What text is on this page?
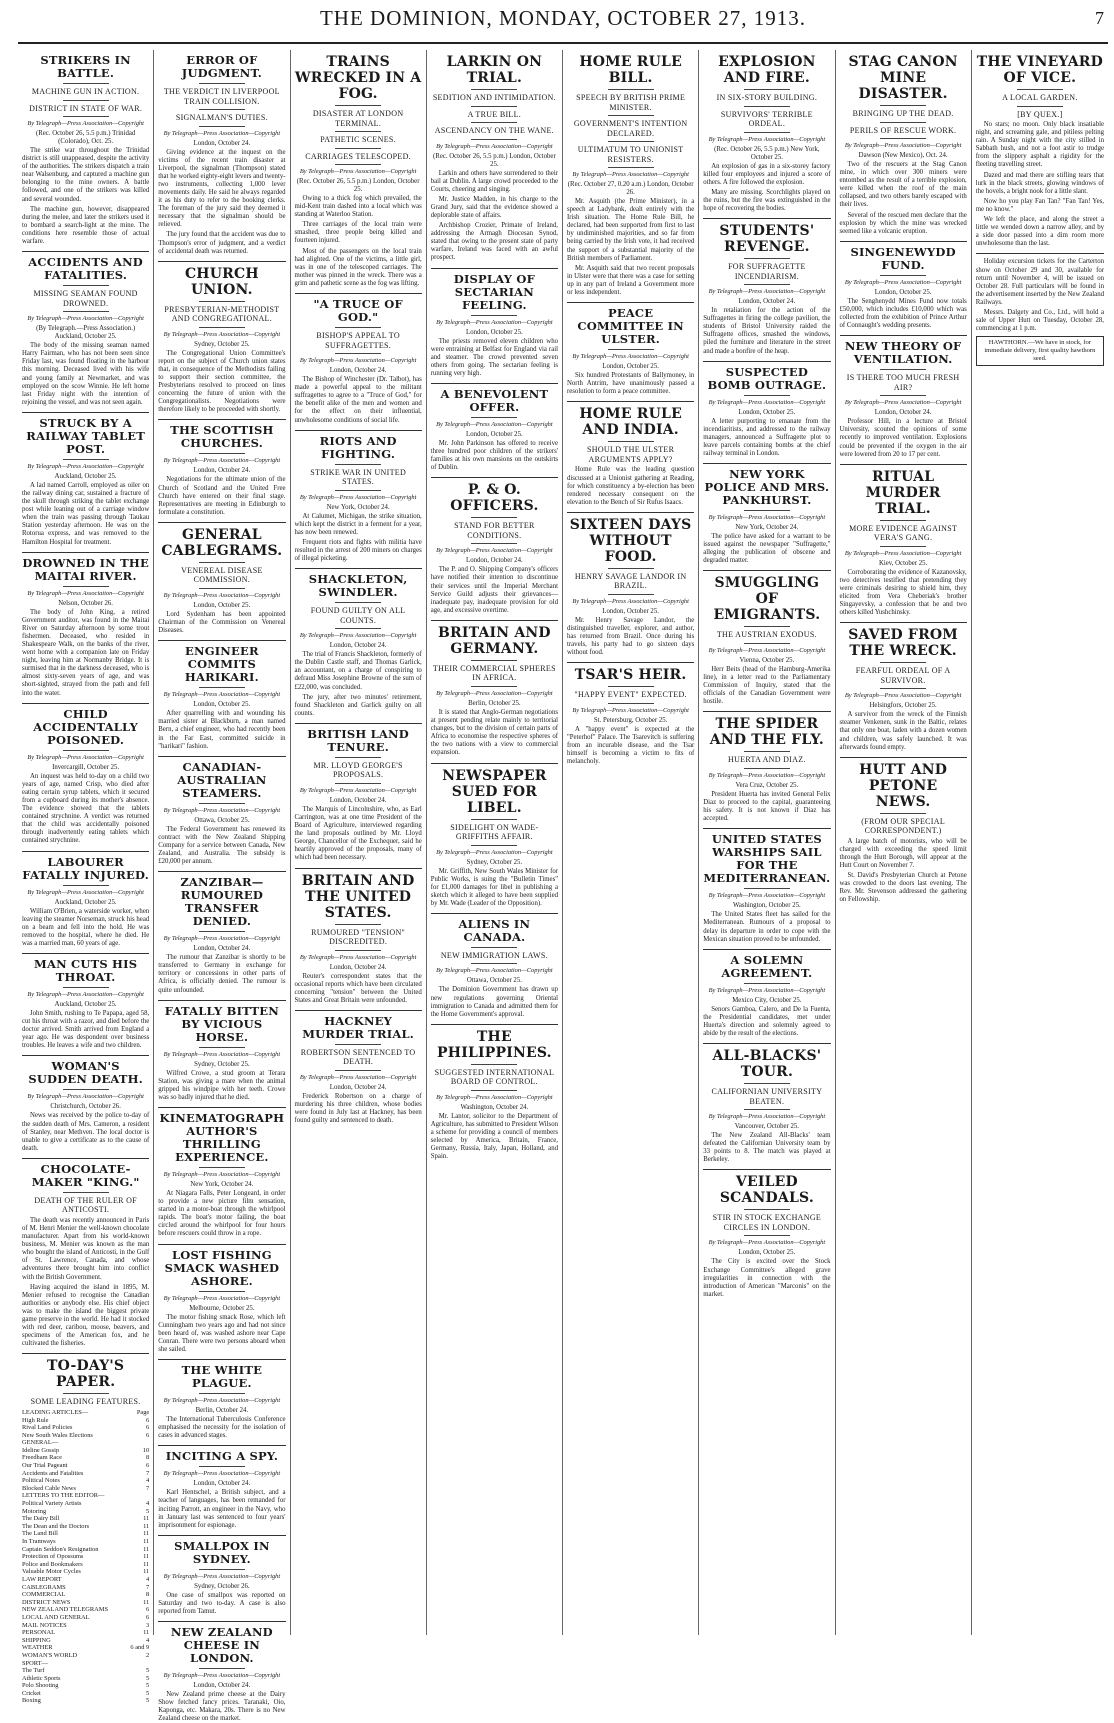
THE DOMINION, MONDAY, OCTOBER 27, 1913.	7
STRIKERS IN BATTLE.
MACHINE GUN IN ACTION.
DISTRICT IN STATE OF WAR.
By Telegraph—Press Association—Copyright
(Rec. October 26, 5.5 p.m.) Trinidad (Colorado), Oct. 25.

The strike war throughout the Trinidad district is still unappeased, despite the activity of the authorities. The strikers dispatch a train near Walsenburg, and captured a machine gun belonging to the mine owners. A battle followed, and one of the strikers was killed and several wounded.

The machine gun, however, disappeared during the melee, and later the strikers used it to bombard a search-light at the mine. The conditions here resemble those of actual warfare.

ACCIDENTS AND FATALITIES.
MISSING SEAMAN FOUND DROWNED.
By Telegraph—Press Association—Copyright
(By Telegraph.—Press Association.) Auckland, October 25.

The body of the missing seaman named Harry Fairman, who has not been seen since Friday last, was found floating in the harbour this morning. Deceased lived with his wife and young family at Newmarket, and was employed on the scow Winnie. He left home last Friday night with the intention of rejoining the vessel, and was not seen again.

STRUCK BY A RAILWAY TABLET POST.
By Telegraph—Press Association—Copyright
Auckland, October 25.

A lad named Carroll, employed as oiler on the railway dining car, sustained a fracture of the skull through striking the tablet exchange post while leaning out of a carriage window when the train was passing through Taukau Station yesterday afternoon. He was on the Rotorua express, and was removed to the Hamilton Hospital for treatment.

DROWNED IN THE MAITAI RIVER.
By Telegraph—Press Association—Copyright
Nelson, October 26.

The body of John King, a retired Government auditor, was found in the Maitai River on Saturday afternoon by some trout fishermen. Deceased, who resided in Shakespeare Walk, on the banks of the river, went home with a companion late on Friday night, leaving him at Normanby Bridge. It is surmised that in the darkness deceased, who is almost sixty-seven years of age, and was short-sighted, strayed from the path and fell into the water.

CHILD ACCIDENTALLY POISONED.
By Telegraph—Press Association—Copyright
Invercargill, October 25.

An inquest was held to-day on a child two years of age, named Crisp, who died after eating certain syrup tablets, which it secured from a cupboard during its mother's absence. The evidence showed that the tablets contained strychnine. A verdict was returned that the child was accidentally poisoned through inadvertently eating tablets which contained strychnine.

LABOURER FATALLY INJURED.
By Telegraph—Press Association—Copyright
Auckland, October 25.

William O'Brien, a waterside worker, when leaving the steamer Norseman, struck his head on a beam and fell into the hold. He was removed to the hospital, where he died. He was a married man, 60 years of age.

MAN CUTS HIS THROAT.
By Telegraph—Press Association—Copyright
Auckland, October 25.

John Smith, rushing to Te Papapa, aged 58, cut his throat with a razor, and died before the doctor arrived. Smith arrived from England a year ago. He was despondent over business troubles. He leaves a wife and two children.

WOMAN'S SUDDEN DEATH.
By Telegraph—Press Association—Copyright
Christchurch, October 26.

News was received by the police to-day of the sudden death of Mrs. Cameron, a resident of Stanley, near Methven. The local doctor is unable to give a certificate as to the cause of death.

CHOCOLATE-MAKER "KING."
DEATH OF THE RULER OF ANTICOSTI.

The death was recently announced in Paris of M. Henri Menier the well-known chocolate manufacturer. Apart from his world-known business, M. Menier was known as the man who bought the island of Anticosti, in the Gulf of St. Lawrence, Canada, and whose adventures there brought him into conflict with the British Government.

Having acquired the island in 1895, M. Menier refused to recognise the Canadian authorities or anybody else. His chief object was to make the island the biggest private game preserve in the world. He had it stocked with red deer, caribou, moose, beavers, and specimens of the American fox, and he cultivated the fisheries.

TO-DAY'S PAPER.
SOME LEADING FEATURES.
LEADING ARTICLES—	Page
High Rule	6
Rival Land Policies	6
New South Wales Elections	6
GENERAL—
Ideline Gossip	10
Freedham Race	8
Our Trial Pageant	6
Accidents and Fatalities	7
Political Notes	4
Blocked Cable News	7
LETTERS TO THE EDITOR—
Political Variety Artists	4
Motoring	5
The Dairy Bill	11
The Dean and the Doctors	11
The Land Bill	11
In Tramways	11
Captain Seddon's Resignation	11
Protection of Opossums	11
Police and Bookmakers	11
Valuable Motor Cycles	11
LAW REPORT	4
CABLEGRAMS	7
COMMERCIAL	8
DISTRICT NEWS	11
NEW ZEALAND TELEGRAMS	6
LOCAL AND GENERAL	6
MAIL NOTICES	3
PERSONAL	11
SHIPPING	4
WEATHER	6 and 9
WOMAN'S WORLD	2
SPORT—
The Turf	5
Athletic Sports	5
Polo Shooting	5
Cricket	5
Boxing	5
ERROR OF JUDGMENT.
THE VERDICT IN LIVERPOOL TRAIN COLLISION.
SIGNALMAN'S DUTIES.
By Telegraph—Press Association—Copyright
London, October 24.

Giving evidence at the inquest on the victims of the recent train disaster at Liverpool, the signalman (Thompson) stated that he worked eighty-eight levers and twenty-two instruments, collecting 1,000 lever movements daily. He said he always regarded it as his duty to refer to the booking clerks. The foreman of the jury said they deemed it necessary that the signalman should be relieved.

The jury found that the accident was due to Thompson's error of judgment, and a verdict of accidental death was returned.

CHURCH UNION.
PRESBYTERIAN-METHODIST AND CONGREGATIONAL.
By Telegraph—Press Association—Copyright
Sydney, October 25.

The Congregational Union Committee's report on the subject of Church union states that, in consequence of the Methodists failing to support their section committee, the Presbyterians resolved to proceed on lines concerning the future of union with the Congregationalists. Negotiations were therefore likely to be proceeded with shortly.

THE SCOTTISH CHURCHES.
By Telegraph—Press Association—Copyright
London, October 24.

Negotiations for the ultimate union of the Church of Scotland and the United Free Church have entered on their final stage. Representatives are meeting in Edinburgh to formulate a constitution.

GENERAL CABLEGRAMS.
VENEREAL DISEASE COMMISSION.
By Telegraph—Press Association—Copyright
London, October 25.

Lord Sydenham has been appointed Chairman of the Commission on Venereal Diseases.

ENGINEER COMMITS HARIKARI.
By Telegraph—Press Association—Copyright
London, October 25.

After quarrelling with and wounding his married sister at Blackburn, a man named Bern, a chief engineer, who had recently been in the Far East, committed suicide in "harikari" fashion.

CANADIAN-AUSTRALIAN STEAMERS.
By Telegraph—Press Association—Copyright
Ottawa, October 25.

The Federal Government has renewed its contract with the New Zealand Shipping Company for a service between Canada, New Zealand, and Australia. The subsidy is £20,000 per annum.

ZANZIBAR—RUMOURED TRANSFER DENIED.
By Telegraph—Press Association—Copyright
London, October 24.

The rumour that Zanzibar is shortly to be transferred to Germany in exchange for territory or concessions in other parts of Africa, is officially denied. The rumour is quite unfounded.

FATALLY BITTEN BY VICIOUS HORSE.
By Telegraph—Press Association—Copyright
Sydney, October 25.

Wilfred Crowe, a stud groom at Terara Station, was giving a mare when the animal gripped his windpipe with her teeth. Crowe was so badly injured that he died.

KINEMATOGRAPH AUTHOR'S THRILLING EXPERIENCE.
By Telegraph—Press Association—Copyright
New York, October 24.

At Niagara Falls, Peter Longeard, in order to provide a new picture film sensation, started in a motor-boat through the whirlpool rapids. The boat's motor failing, the boat circled around the whirlpool for four hours before rescuers could throw in a rope.

LOST FISHING SMACK WASHED ASHORE.
By Telegraph—Press Association—Copyright
Melbourne, October 25.

The motor fishing smack Rose, which left Cunningham two years ago and had not since been heard of, was washed ashore near Cape Conran. There were two persons aboard when she sailed.

THE WHITE PLAGUE.
By Telegraph—Press Association—Copyright
Berlin, October 24.

The International Tuberculosis Conference emphasised the necessity for the isolation of cases in advanced stages.

INCITING A SPY.
By Telegraph—Press Association—Copyright
London, October 24.

Karl Hentschel, a British subject, and a teacher of languages, has been remanded for inciting Parrott, an engineer in the Navy, who in January last was sentenced to four years' imprisonment for espionage.

SMALLPOX IN SYDNEY.
By Telegraph—Press Association—Copyright
Sydney, October 26.

One case of smallpox was reported on Saturday and two to-day. A case is also reported from Tamut.

NEW ZEALAND CHEESE IN LONDON.
By Telegraph—Press Association—Copyright
London, October 24.

New Zealand prime cheese at the Dairy Show fetched fancy prices. Taranaki, Oio, Kaponga, etc. Makara, 20s. There is no New Zealand cheese on the market.

TRAINS WRECKED IN A FOG.
DISASTER AT LONDON TERMINAL.
PATHETIC SCENES.
CARRIAGES TELESCOPED.
By Telegraph—Press Association—Copyright
(Rec. October 26, 5.5 p.m.) London, October 25.

Owing to a thick fog which prevailed, the mid-Kent train dashed into a local which was standing at Waterloo Station.

Three carriages of the local train were smashed, three people being killed and fourteen injured.

Most of the passengers on the local train had alighted. One of the victims, a little girl, was in one of the telescoped carriages. The mother was pinned in the wreck. There was a grim and pathetic scene as the fog was lifting.

"A TRUCE OF GOD."
BISHOP'S APPEAL TO SUFFRAGETTES.
By Telegraph—Press Association—Copyright
London, October 24.

The Bishop of Winchester (Dr. Talbot), has made a powerful appeal to the militant suffragettes to agree to a "Truce of God," for the benefit alike of the men and women and for the effect on their influential, unwholesome conditions of social life.

RIOTS AND FIGHTING.
STRIKE WAR IN UNITED STATES.
By Telegraph—Press Association—Copyright
New York, October 24.

At Calumet, Michigan, the strike situation, which kept the district in a ferment for a year, has now been renewed.

Frequent riots and fights with militia have resulted in the arrest of 200 miners on charges of illegal picketing.

SHACKLETON, SWINDLER.
FOUND GUILTY ON ALL COUNTS.
By Telegraph—Press Association—Copyright
London, October 24.

The trial of Francis Shackleton, formerly of the Dublin Castle staff, and Thomas Garlick, an accountant, on a charge of conspiring to defraud Miss Josephine Browne of the sum of £22,000, was concluded.

The jury, after two minutes' retirement, found Shackleton and Garlick guilty on all counts.

BRITISH LAND TENURE.
MR. LLOYD GEORGE'S PROPOSALS.
By Telegraph—Press Association—Copyright
London, October 24.

The Marquis of Lincolnshire, who, as Earl Carrington, was at one time President of the Board of Agriculture, interviewed regarding the land proposals outlined by Mr. Lloyd George, Chancellor of the Exchequer, said he heartily approved of the proposals, many of which had been necessary.

BRITAIN AND THE UNITED STATES.
RUMOURED "TENSION" DISCREDITED.
By Telegraph—Press Association—Copyright
London, October 24.

Reuter's correspondent states that the occasional reports which have been circulated concerning "tension" between the United States and Great Britain were unfounded.

HACKNEY MURDER TRIAL.
ROBERTSON SENTENCED TO DEATH.
By Telegraph—Press Association—Copyright
London, October 24.

Frederick Robertson on a charge of murdering his three children, whose bodies were found in July last at Hackney, has been found guilty and sentenced to death.

LARKIN ON TRIAL.
SEDITION AND INTIMIDATION.
A TRUE BILL.
ASCENDANCY ON THE WANE.
By Telegraph—Press Association—Copyright
(Rec. October 26, 5.5 p.m.) London, October 25.

Larkin and others have surrendered to their bail at Dublin. A large crowd proceeded to the Courts, cheering and singing.

Mr. Justice Madden, in his charge to the Grand Jury, said that the evidence showed a deplorable state of affairs.

Archbishop Crozier, Primate of Ireland, addressing the Armagh Diocesan Synod, stated that owing to the present state of party warfare, Ireland was faced with an awful prospect.

DISPLAY OF SECTARIAN FEELING.
By Telegraph—Press Association—Copyright
London, October 25.

The priests removed eleven children who were entraining at Belfast for England via rail and steamer. The crowd prevented seven others from going. The sectarian feeling is running very high.

A BENEVOLENT OFFER.
By Telegraph—Press Association—Copyright
London, October 25.

Mr. John Parkinson has offered to receive three hundred poor children of the strikers' families at his own mansions on the outskirts of Dublin.

P. & O. OFFICERS.
STAND FOR BETTER CONDITIONS.
By Telegraph—Press Association—Copyright
London, October 24.

The P. and O. Shipping Company's officers have notified their intention to discontinue their services until the Imperial Merchant Service Guild adjusts their grievances—inadequate pay, inadequate provision for old age, and excessive overtime.

BRITAIN AND GERMANY.
THEIR COMMERCIAL SPHERES IN AFRICA.
By Telegraph—Press Association—Copyright
Berlin, October 25.

It is stated that Anglo-German negotiations at present pending relate mainly to territorial changes, but to the division of certain parts of Africa to economise the respective spheres of the two nations with a view to commercial expansion.

NEWSPAPER SUED FOR LIBEL.
SIDELIGHT ON WADE-GRIFFITHS AFFAIR.
By Telegraph—Press Association—Copyright
Sydney, October 25.

Mr. Griffith, New South Wales Minister for Public Works, is suing the "Bulletin Times" for £1,000 damages for libel in publishing a sketch which it alleged to have been supplied by Mr. Wade (Leader of the Opposition).

ALIENS IN CANADA.
NEW IMMIGRATION LAWS.
By Telegraph—Press Association—Copyright
Ottawa, October 25.

The Dominion Government has drawn up new regulations governing Oriental immigration to Canada and admitted them for the Home Government's approval.

THE PHILIPPINES.
SUGGESTED INTERNATIONAL BOARD OF CONTROL.
By Telegraph—Press Association—Copyright
Washington, October 24.

Mr. Lantor, solicitor to the Department of Agriculture, has submitted to President Wilson a scheme for providing a council of members selected by America, Britain, France, Germany, Russia, Italy, Japan, Holland, and Spain.

HOME RULE BILL.
SPEECH BY BRITISH PRIME MINISTER.
GOVERNMENT'S INTENTION DECLARED.
ULTIMATUM TO UNIONIST RESISTERS.
By Telegraph—Press Association—Copyright
(Rec. October 27, 0.20 a.m.) London, October 26.

Mr. Asquith (the Prime Minister), in a speech at Ladybank, dealt entirely with the Irish situation. The Home Rule Bill, he declared, had been supported from first to last by undiminished majorities, and so far from being carried by the Irish vote, it had received the support of a substantial majority of the British members of Parliament.

Mr. Asquith said that two recent proposals in Ulster were that there was a case for setting up in any part of Ireland a Government more or less independent.

PEACE COMMITTEE IN ULSTER.
By Telegraph—Press Association—Copyright
London, October 25.

Six hundred Protestants of Ballymoney, in North Antrim, have unanimously passed a resolution to form a peace committee.

HOME RULE AND INDIA.
SHOULD THE ULSTER ARGUMENTS APPLY?

Home Rule was the leading question discussed at a Unionist gathering at Reading, for which constituency a by-election has been rendered necessary consequent on the elevation to the Bench of Sir Rufus Isaacs.

SIXTEEN DAYS WITHOUT FOOD.
HENRY SAVAGE LANDOR IN BRAZIL.
By Telegraph—Press Association—Copyright
London, October 25.

Mr. Henry Savage Landor, the distinguished traveller, explorer, and author, has returned from Brazil. Once during his travels, his party had to go sixteen days without food.

TSAR'S HEIR.
"HAPPY EVENT" EXPECTED.
By Telegraph—Press Association—Copyright
St. Petersburg, October 25.

A "happy event" is expected at the "Peterhof" Palace. The Tsarevitch is suffering from an incurable disease, and the Tsar himself is becoming a victim to fits of melancholy.

EXPLOSION AND FIRE.
IN SIX-STORY BUILDING.
SURVIVORS' TERRIBLE ORDEAL.
By Telegraph—Press Association—Copyright
(Rec. October 26, 5.5 p.m.) New York, October 25.

An explosion of gas in a six-storey factory killed four employees and injured a score of others. A fire followed the explosion.

Many are missing. Scorchlights played on the ruins, but the fire was extinguished in the hope of recovering the bodies.

STUDENTS' REVENGE.
FOR SUFFRAGETTE INCENDIARISM.
By Telegraph—Press Association—Copyright
London, October 24.

In retaliation for the action of the Suffragettes in firing the college pavilion, the students of Bristol University raided the Suffragette offices, smashed the windows, piled the furniture and literature in the street and made a bonfire of the heap.

SUSPECTED BOMB OUTRAGE.
By Telegraph—Press Association—Copyright
London, October 25.

A letter purporting to emanate from the incendiaritists, and addressed to the railway managers, announced a Suffragette plot to leave parcels containing bombs at the chief railway terminal in London.

NEW YORK POLICE AND MRS. PANKHURST.
By Telegraph—Press Association—Copyright
New York, October 24.

The police have asked for a warrant to be issued against the newspaper "Suffragette," alleging the publication of obscene and degraded matter.

SMUGGLING OF EMIGRANTS.
THE AUSTRIAN EXODUS.
By Telegraph—Press Association—Copyright
Vienna, October 25.

Herr Beits (head of the Hamburg-Amerika line), in a letter read to the Parliamentary Commission of Inquiry, stated that the officials of the Canadian Government were hostile.

THE SPIDER AND THE FLY.
HUERTA AND DIAZ.
By Telegraph—Press Association—Copyright
Vera Cruz, October 25.

President Huerta has invited General Felix Diaz to proceed to the capital, guaranteeing his safety. It is not known if Diaz has accepted.

UNITED STATES WARSHIPS SAIL FOR THE MEDITERRANEAN.
By Telegraph—Press Association—Copyright
Washington, October 25.

The United States fleet has sailed for the Mediterranean. Rumours of a proposal to delay its departure in order to cope with the Mexican situation proved to be unfounded.

A SOLEMN AGREEMENT.
By Telegraph—Press Association—Copyright
Mexico City, October 25.

Senors Gamboa, Calero, and De la Fuenta, the Presidential candidates, met under Huerta's direction and solemnly agreed to abide by the result of the elections.

ALL-BLACKS' TOUR.
CALIFORNIAN UNIVERSITY BEATEN.
By Telegraph—Press Association—Copyright
Vancouver, October 25.

The New Zealand All-Blacks' team defeated the Californian University team by 33 points to 8. The match was played at Berkeley.

VEILED SCANDALS.
STIR IN STOCK EXCHANGE CIRCLES IN LONDON.
By Telegraph—Press Association—Copyright
London, October 25.

The City is excited over the Stock Exchange Committee's alleged grave irregularities in connection with the introduction of American "Marconis" on the market.

STAG CANON MINE DISASTER.
BRINGING UP THE DEAD.
PERILS OF RESCUE WORK.
By Telegraph—Press Association—Copyright
Dawson (New Mexico), Oct. 24.

Two of the rescuers at the Stag Canon mine, in which over 300 miners were entombed as the result of a terrible explosion, were killed when the roof of the main collapsed, and two others barely escaped with their lives.

Several of the rescued men declare that the explosion by which the mine was wrecked seemed like a volcanic eruption.

SINGENEWYDD FUND.
By Telegraph—Press Association—Copyright
London, October 25.

The Senghenydd Mines Fund now totals £50,000, which includes £10,000 which was collected from the exhibition of Prince Arthur of Connaught's wedding presents.

NEW THEORY OF VENTILATION.
IS THERE TOO MUCH FRESH AIR?
By Telegraph—Press Association—Copyright
London, October 24.

Professor Hill, in a lecture at Bristol University, scouted the opinions of some recently to improved ventilation. Explosions could be prevented if the oxygen in the air were lowered from 20 to 17 per cent.

RITUAL MURDER TRIAL.
MORE EVIDENCE AGAINST VERA'S GANG.
By Telegraph—Press Association—Copyright
Kiev, October 25.

Corroborating the evidence of Kazanovsky, two detectives testified that pretending they were criminals desiring to shield him, they elicited from Vera Cheberiak's brother Singayevsky, a confession that he and two others killed Yushchinsky.

SAVED FROM THE WRECK.
FEARFUL ORDEAL OF A SURVIVOR.
By Telegraph—Press Association—Copyright
Helsingfors, October 25.

A survivor from the wreck of the Finnish steamer Venkenen, sunk in the Baltic, relates that only one boat, laden with a dozen women and children, was safely launched. It was afterwards found empty.

HUTT AND PETONE NEWS.
(FROM OUR SPECIAL CORRESPONDENT.)

A large batch of motorists, who will be charged with exceeding the speed limit through the Hutt Borough, will appear at the Hutt Court on November 7.

St. David's Presbyterian Church at Petone was crowded to the doors last evening. The Rev. Mr. Stevenson addressed the gathering on Fellowship.

THE VINEYARD OF VICE.
A LOCAL GARDEN.
[BY QUEX.]

No stars; no moon. Only black insatiable night, and screaming gale, and pitiless pelting rain. A Sunday night with the city stilled in Sabbath hush, and not a foot astir to trudge from the slippery asphalt a rigidity for the fleeting travelling street.

Dazed and mad there are stifling tears that lurk in the black streets, glowing windows of the hovels, a bright nook for a little slant.

Now ho you play Fan Tan? "Fan Tan! Yes, me no know."

We left the place, and along the street a little we wended down a narrow alley, and by a side door passed into a dim room more unwholesome than the last.

Holiday excursion tickets for the Carterton show on October 29 and 30, available for return until November 4, will be issued on October 28. Full particulars will be found in the advertisement inserted by the New Zealand Railways.

Messrs. Dalgety and Co., Ltd., will hold a sale of Upper Hutt on Tuesday, October 28, commencing at 1 p.m.

HAWTHORN.—We have in stock, for immediate delivery, first quality hawthorn seed.
